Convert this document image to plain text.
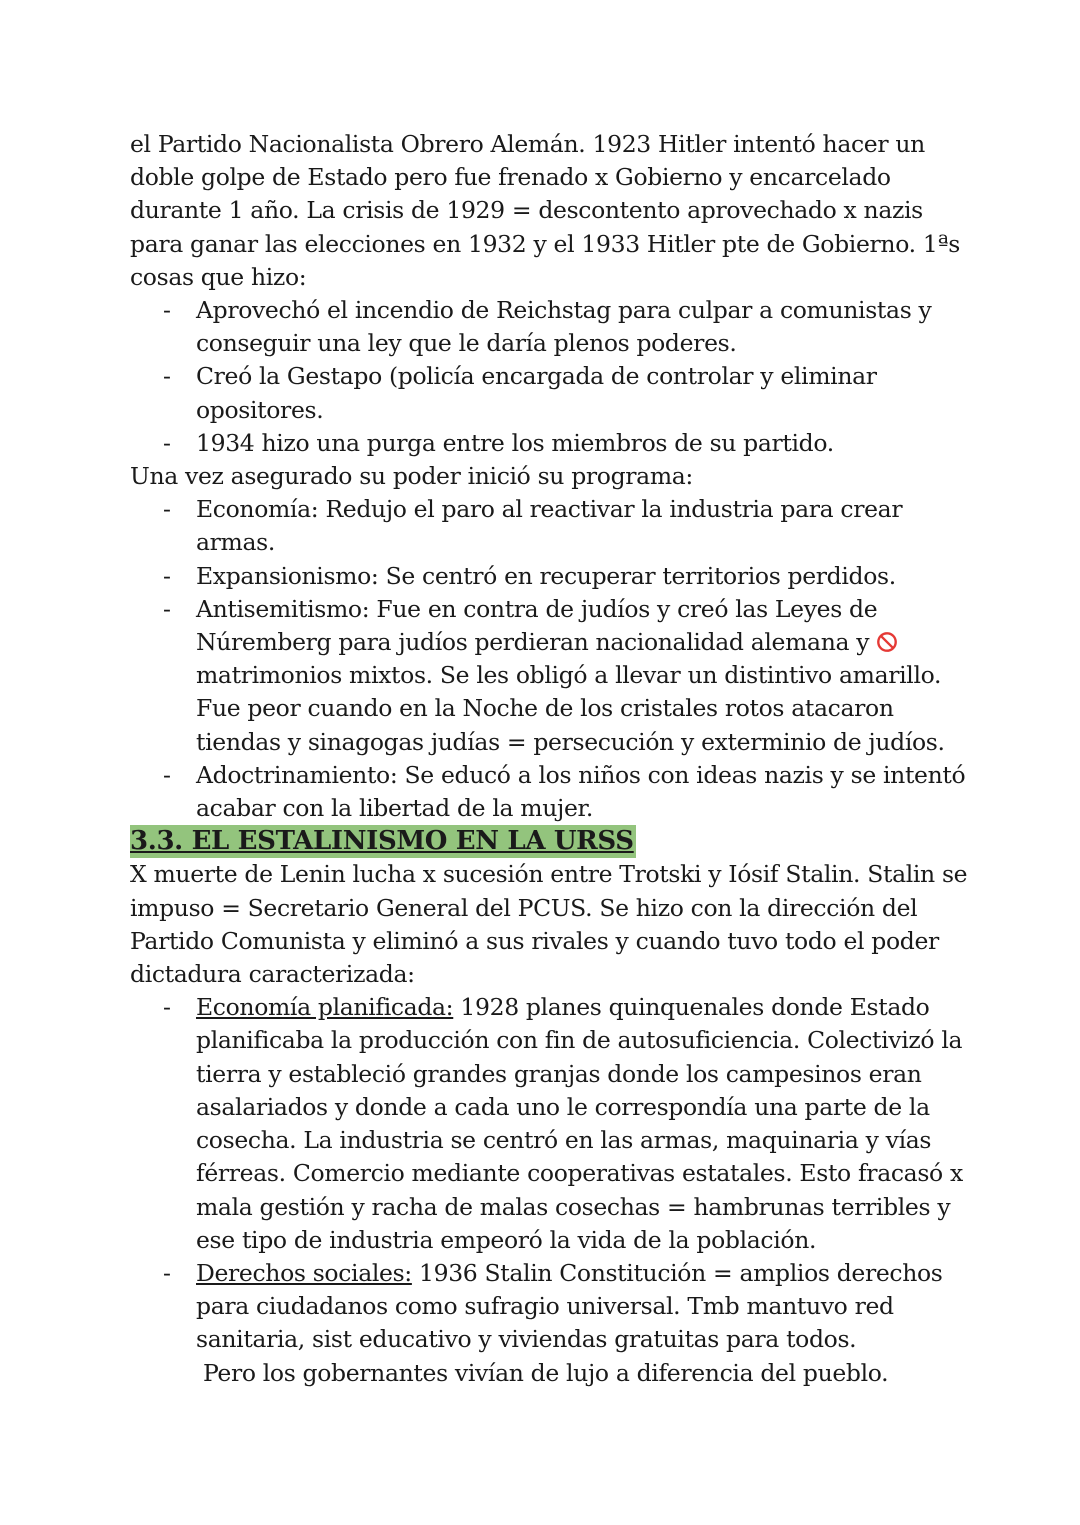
el Partido Nacionalista Obrero Alemán. 1923 Hitler intentó hacer un doble golpe de Estado pero fue frenado x Gobierno y encarcelado durante 1 año. La crisis de 1929 = descontento aprovechado x nazis para ganar las elecciones en 1932 y el 1933 Hitler pte de Gobierno. 1ªs cosas que hizo:

- Aprovechó el incendio de Reichstag para culpar a comunistas y conseguir una ley que le daría plenos poderes.
- Creó la Gestapo (policía encargada de controlar y eliminar opositores.
- 1934 hizo una purga entre los miembros de su partido.

Una vez asegurado su poder inició su programa:

- Economía: Redujo el paro al reactivar la industria para crear armas.
- Expansionismo: Se centró en recuperar territorios perdidos.
- Antisemitismo: Fue en contra de judíos y creó las Leyes de Núremberg para judíos perdieran nacionalidad alemana y matrimonios mixtos. Se les obligó a llevar un distintivo amarillo. Fue peor cuando en la Noche de los cristales rotos atacaron tiendas y sinagogas judías = persecución y exterminio de judíos.
- Adoctrinamiento: Se educó a los niños con ideas nazis y se intentó acabar con la libertad de la mujer.
3.3. EL ESTALINISMO EN LA URSS

X muerte de Lenin lucha x sucesión entre Trotski y Iósif Stalin. Stalin se impuso = Secretario General del PCUS. Se hizo con la dirección del Partido Comunista y eliminó a sus rivales y cuando tuvo todo el poder dictadura caracterizada:

- Economía planificada: 1928 planes quinquenales donde Estado planificaba la producción con fin de autosuficiencia. Colectivizó la tierra y estableció grandes granjas donde los campesinos eran asalariados y donde a cada uno le correspondía una parte de la cosecha. La industria se centró en las armas, maquinaria y vías férreas. Comercio mediante cooperativas estatales. Esto fracasó x mala gestión y racha de malas cosechas = hambrunas terribles y ese tipo de industria empeoró la vida de la población.
- Derechos sociales: 1936 Stalin Constitución = amplios derechos para ciudadanos como sufragio universal. Tmb mantuvo red sanitaria, sist educativo y viviendas gratuitas para todos.

Pero los gobernantes vivían de lujo a diferencia del pueblo.
